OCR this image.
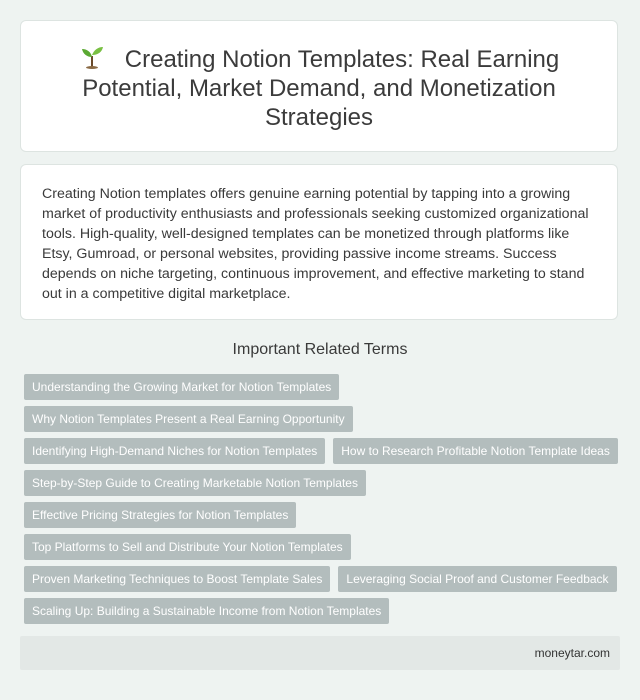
Creating Notion Templates: Real Earning Potential, Market Demand, and Monetization Strategies

Creating Notion templates offers genuine earning potential by tapping into a growing market of productivity enthusiasts and professionals seeking customized organizational tools. High-quality, well-designed templates can be monetized through platforms like Etsy, Gumroad, or personal websites, providing passive income streams. Success depends on niche targeting, continuous improvement, and effective marketing to stand out in a competitive digital marketplace.

Important Related Terms
Understanding the Growing Market for Notion Templates
Why Notion Templates Present a Real Earning Opportunity
Identifying High-Demand Niches for Notion Templates	How to Research Profitable Notion Template Ideas
Step-by-Step Guide to Creating Marketable Notion Templates
Effective Pricing Strategies for Notion Templates
Top Platforms to Sell and Distribute Your Notion Templates
Proven Marketing Techniques to Boost Template Sales	Leveraging Social Proof and Customer Feedback
Scaling Up: Building a Sustainable Income from Notion Templates
moneytar.com
